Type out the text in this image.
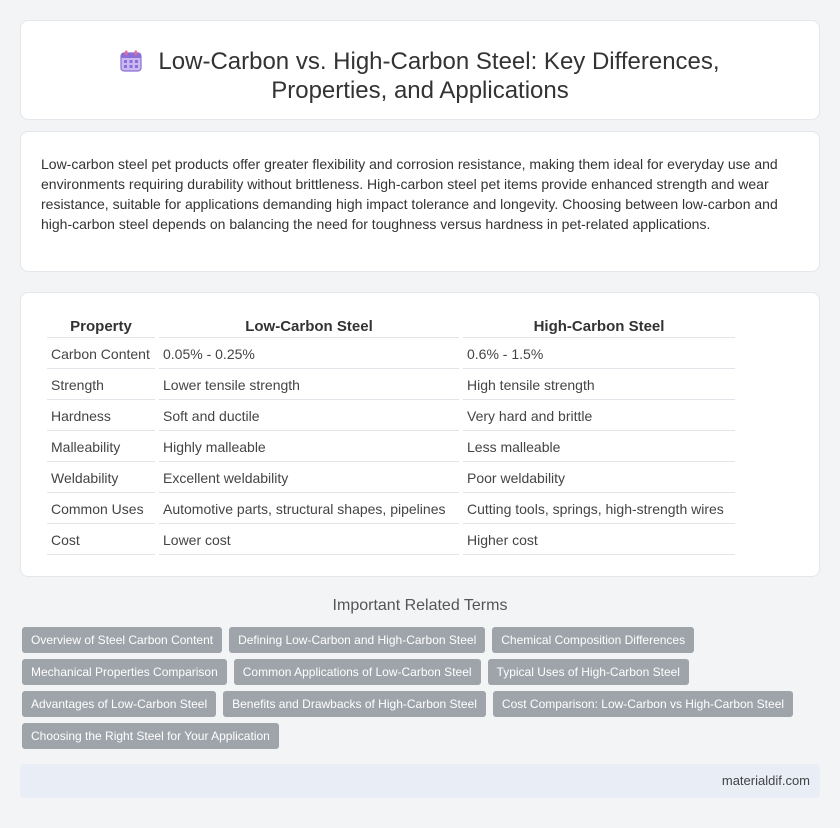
Low-Carbon vs. High-Carbon Steel: Key Differences, Properties, and Applications

Low-carbon steel pet products offer greater flexibility and corrosion resistance, making them ideal for everyday use and environments requiring durability without brittleness. High-carbon steel pet items provide enhanced strength and wear resistance, suitable for applications demanding high impact tolerance and longevity. Choosing between low-carbon and high-carbon steel depends on balancing the need for toughness versus hardness in pet-related applications.

Property	Low-Carbon Steel	High-Carbon Steel
Carbon Content	0.05% - 0.25%	0.6% - 1.5%
Strength	Lower tensile strength	High tensile strength
Hardness	Soft and ductile	Very hard and brittle
Malleability	Highly malleable	Less malleable
Weldability	Excellent weldability	Poor weldability
Common Uses	Automotive parts, structural shapes, pipelines	Cutting tools, springs, high-strength wires
Cost	Lower cost	Higher cost
Important Related Terms
Overview of Steel Carbon Content	Defining Low-Carbon and High-Carbon Steel	Chemical Composition Differences
Mechanical Properties Comparison	Common Applications of Low-Carbon Steel	Typical Uses of High-Carbon Steel
Advantages of Low-Carbon Steel	Benefits and Drawbacks of High-Carbon Steel	Cost Comparison: Low-Carbon vs High-Carbon Steel
Choosing the Right Steel for Your Application
materialdif.com
